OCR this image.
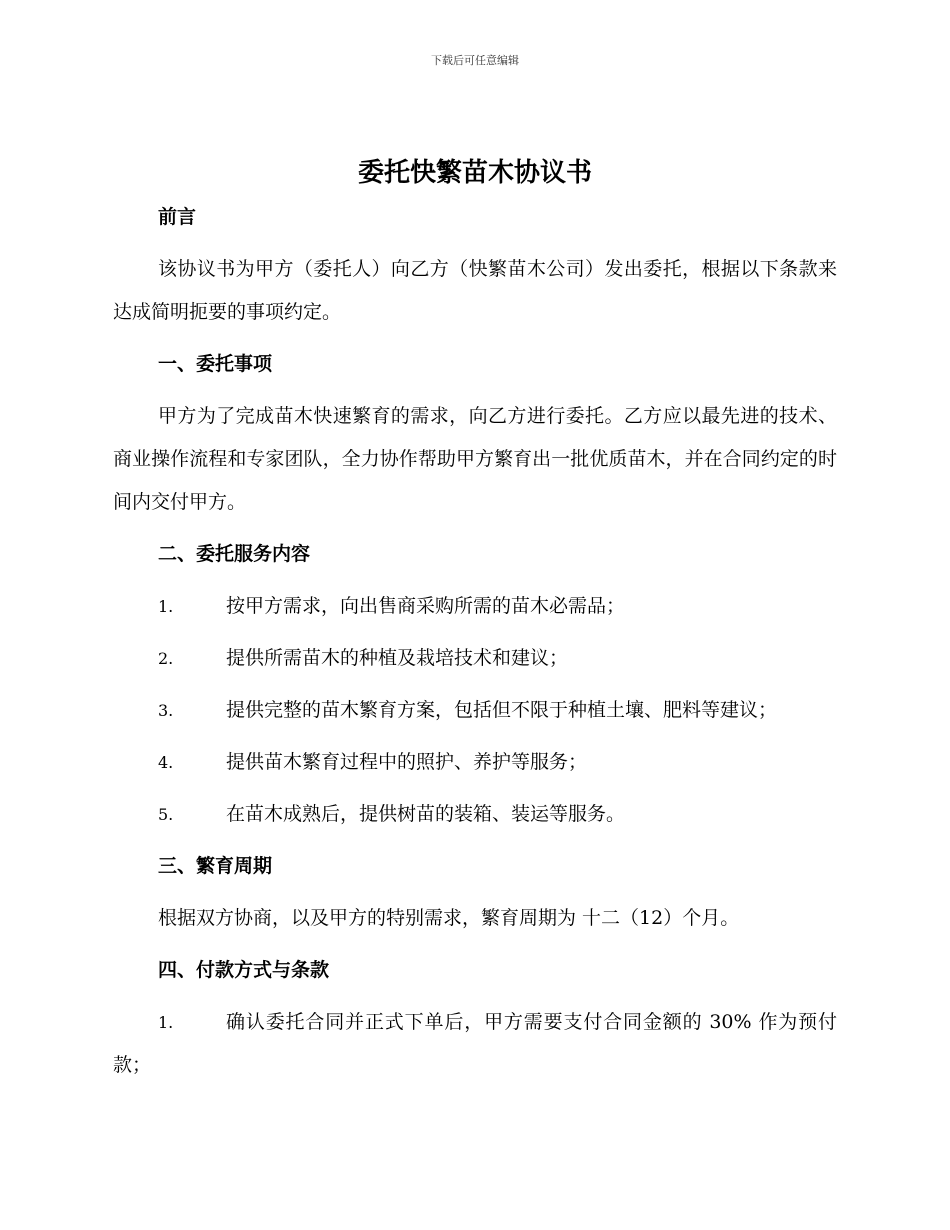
下载后可任意编辑
委托快繁苗木协议书
前言
该协议书为甲方（委托人）向乙方（快繁苗木公司）发出委托，根据以下条款来达成简明扼要的事项约定。
一、委托事项
甲方为了完成苗木快速繁育的需求，向乙方进行委托。乙方应以最先进的技术、商业操作流程和专家团队，全力协作帮助甲方繁育出一批优质苗木，并在合同约定的时间内交付甲方。
二、委托服务内容
1.	按甲方需求，向出售商采购所需的苗木必需品；
2.	提供所需苗木的种植及栽培技术和建议；
3.	提供完整的苗木繁育方案，包括但不限于种植土壤、肥料等建议；
4.	提供苗木繁育过程中的照护、养护等服务；
5.	在苗木成熟后，提供树苗的装箱、装运等服务。
三、繁育周期
根据双方协商，以及甲方的特别需求，繁育周期为 十二（12）个月。
四、付款方式与条款
1.	确认委托合同并正式下单后，甲方需要支付合同金额的 30% 作为预付款；
